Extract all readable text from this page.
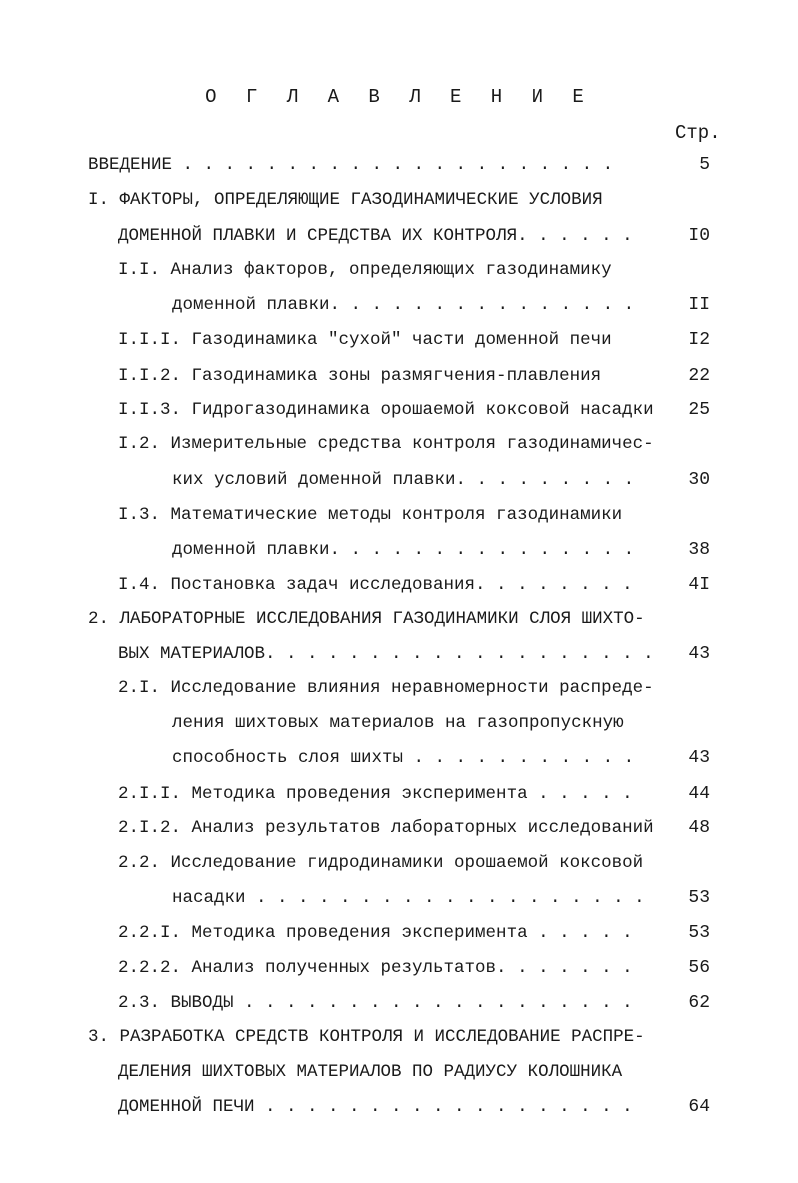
О Г Л А В Л Е Н И Е
Стр.
ВВЕДЕНИЕ . . . . . . . . . . . . . . . . . . . . .	5
I. ФАКТОРЫ, ОПРЕДЕЛЯЮЩИЕ ГАЗОДИНАМИЧЕСКИЕ УСЛОВИЯ
ДОМЕННОЙ ПЛАВКИ И СРЕДСТВА ИХ КОНТРОЛЯ. . . . . .	I0
I.I. Анализ факторов, определяющих газодинамику
доменной плавки. . . . . . . . . . . . . . .	II
I.I.I. Газодинамика "сухой" части доменной печи	I2
I.I.2. Газодинамика зоны размягчения-плавления	22
I.I.3. Гидрогазодинамика орошаемой коксовой насадки	25
I.2. Измерительные средства контроля газодинамичес-
ких условий доменной плавки. . . . . . . . .	30
I.3. Математические методы контроля газодинамики
доменной плавки. . . . . . . . . . . . . . .	38
I.4. Постановка задач исследования. . . . . . . .	4I
2. ЛАБОРАТОРНЫЕ ИССЛЕДОВАНИЯ ГАЗОДИНАМИКИ СЛОЯ ШИХТО-
ВЫХ МАТЕРИАЛОВ. . . . . . . . . . . . . . . . . . .	43
2.I. Исследование влияния неравномерности распреде-
ления шихтовых материалов на газопропускную
способность слоя шихты . . . . . . . . . . .	43
2.I.I. Методика проведения эксперимента . . . . .	44
2.I.2. Анализ результатов лабораторных исследований	48
2.2. Исследование гидродинамики орошаемой коксовой
насадки . . . . . . . . . . . . . . . . . . .	53
2.2.I. Методика проведения эксперимента . . . . .	53
2.2.2. Анализ полученных результатов. . . . . . .	56
2.3. ВЫВОДЫ . . . . . . . . . . . . . . . . . . .	62
3. РАЗРАБОТКА СРЕДСТВ КОНТРОЛЯ И ИССЛЕДОВАНИЕ РАСПРЕ-
ДЕЛЕНИЯ ШИХТОВЫХ МАТЕРИАЛОВ ПО РАДИУСУ КОЛОШНИКА
ДОМЕННОЙ ПЕЧИ . . . . . . . . . . . . . . . . . .	64
